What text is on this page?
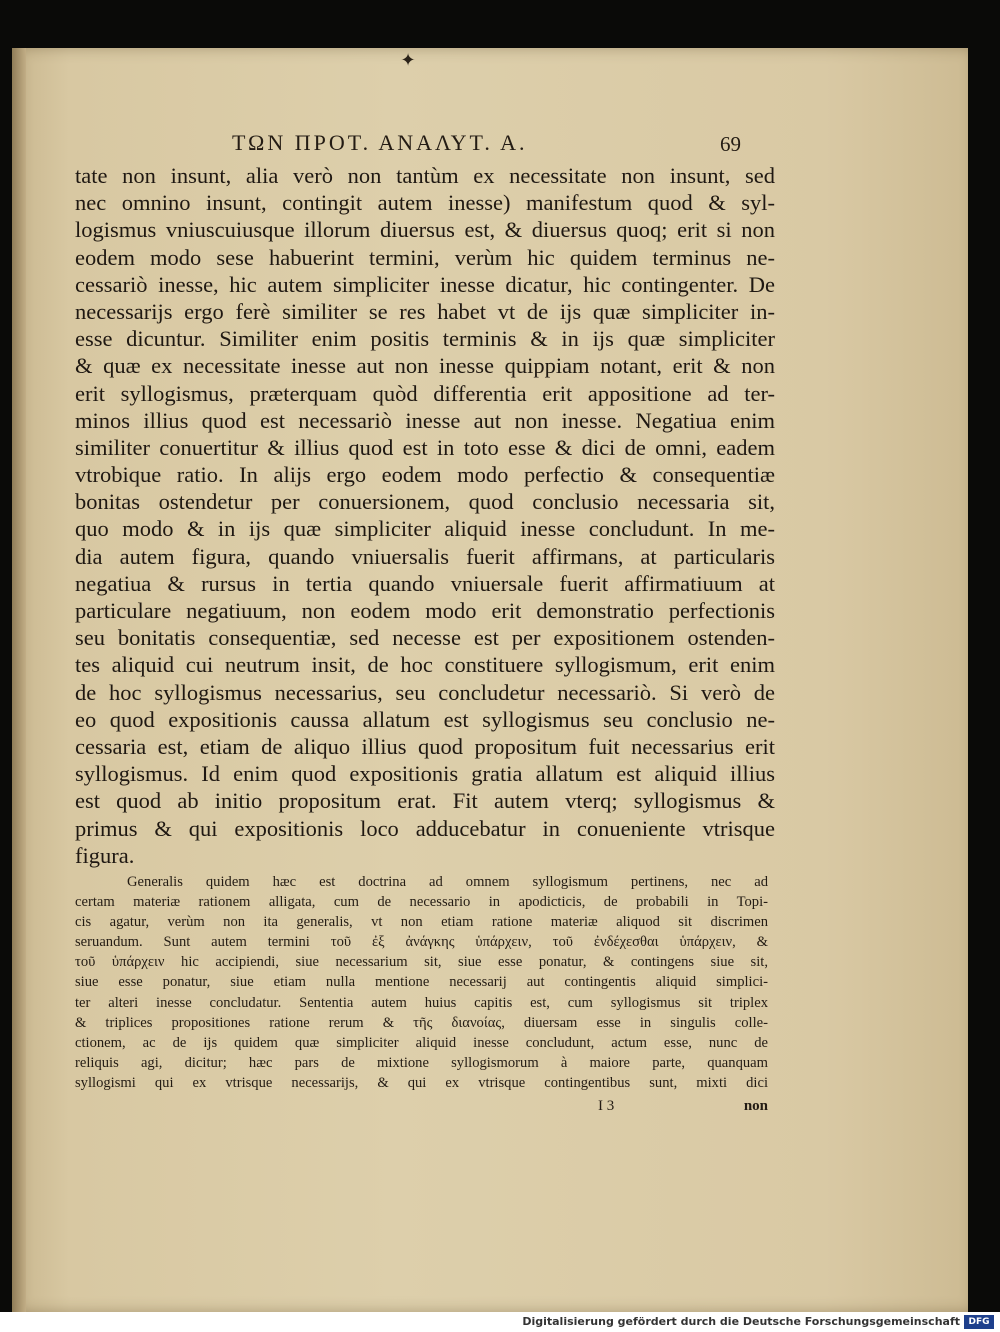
✦
ΤΩΝ ΠΡΟΤ. ΑΝΑΛΥΤ. Α.	69
tate non insunt, alia verò non tantùm ex necessitate non insunt, sed
nec omnino insunt, contingit autem inesse) manifestum quod & syl-
logismus vniuscuiusque illorum diuersus est, & diuersus quoq; erit si non
eodem modo sese habuerint termini, verùm hic quidem terminus ne-
cessariò inesse, hic autem simpliciter inesse dicatur, hic contingenter. De
necessarijs ergo ferè similiter se res habet vt de ijs quæ simpliciter in-
esse dicuntur. Similiter enim positis terminis & in ijs quæ simpliciter
& quæ ex necessitate inesse aut non inesse quippiam notant, erit & non
erit syllogismus, præterquam quòd differentia erit appositione ad ter-
minos illius quod est necessariò inesse aut non inesse. Negatiua enim
similiter conuertitur & illius quod est in toto esse & dici de omni, eadem
vtrobique ratio. In alijs ergo eodem modo perfectio & consequentiæ
bonitas ostendetur per conuersionem, quod conclusio necessaria sit,
quo modo & in ijs quæ simpliciter aliquid inesse concludunt. In me-
dia autem figura, quando vniuersalis fuerit affirmans, at particularis
negatiua & rursus in tertia quando vniuersale fuerit affirmatiuum at
particulare negatiuum, non eodem modo erit demonstratio perfectionis
seu bonitatis consequentiæ, sed necesse est per expositionem ostenden-
tes aliquid cui neutrum insit, de hoc constituere syllogismum, erit enim
de hoc syllogismus necessarius, seu concludetur necessariò. Si verò de
eo quod expositionis caussa allatum est syllogismus seu conclusio ne-
cessaria est, etiam de aliquo illius quod propositum fuit necessarius erit
syllogismus. Id enim quod expositionis gratia allatum est aliquid illius
est quod ab initio propositum erat. Fit autem vterq; syllogismus &
primus & qui expositionis loco adducebatur in conueniente vtrisque
figura.
Generalis quidem hæc est doctrina ad omnem syllogismum pertinens, nec ad
certam materiæ rationem alligata, cum de necessario in apodicticis, de probabili in Topi-
cis agatur, verùm non ita generalis, vt non etiam ratione materiæ aliquod sit discrimen
seruandum. Sunt autem termini τοῦ ἐξ ἀνάγκης ὑπάρχειν, τοῦ ἐνδέχεσθαι ὑπάρχειν, &
τοῦ ὑπάρχειν hic accipiendi, siue necessarium sit, siue esse ponatur, & contingens siue sit,
siue esse ponatur, siue etiam nulla mentione necessarij aut contingentis aliquid simplici-
ter alteri inesse concludatur. Sententia autem huius capitis est, cum syllogismus sit triplex
& triplices propositiones ratione rerum & τῆς διανοίας, diuersam esse in singulis colle-
ctionem, ac de ijs quidem quæ simpliciter aliquid inesse concludunt, actum esse, nunc de
reliquis agi, dicitur; hæc pars de mixtione syllogismorum à maiore parte, quanquam
syllogismi qui ex vtrisque necessarijs, & qui ex vtrisque contingentibus sunt, mixti dici
I 3	non
Digitalisierung gefördert durch die Deutsche Forschungsgemeinschaft DFG
